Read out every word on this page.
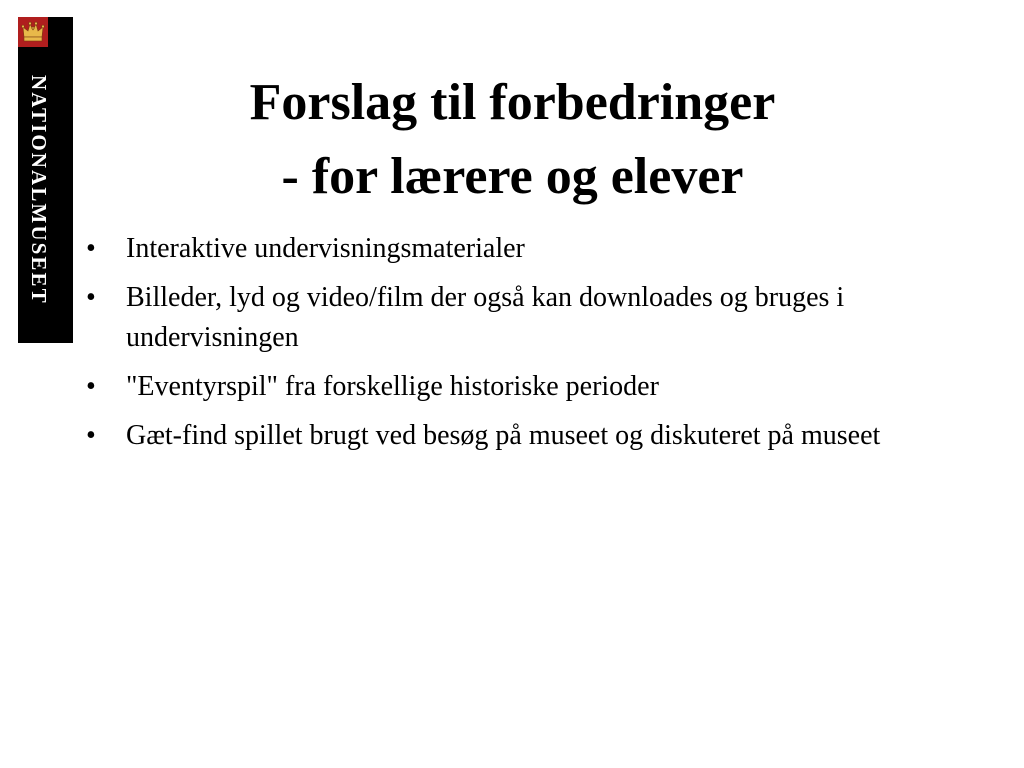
NATIONALMUSEET	Forslag til forbedringer
- for lærere og elever
•	Interaktive undervisningsmaterialer
•	Billeder, lyd og video/film der også kan downloades og bruges i undervisningen
•	"Eventyrspil" fra forskellige historiske perioder
•	Gæt-find spillet brugt ved besøg på museet og diskuteret på museet
